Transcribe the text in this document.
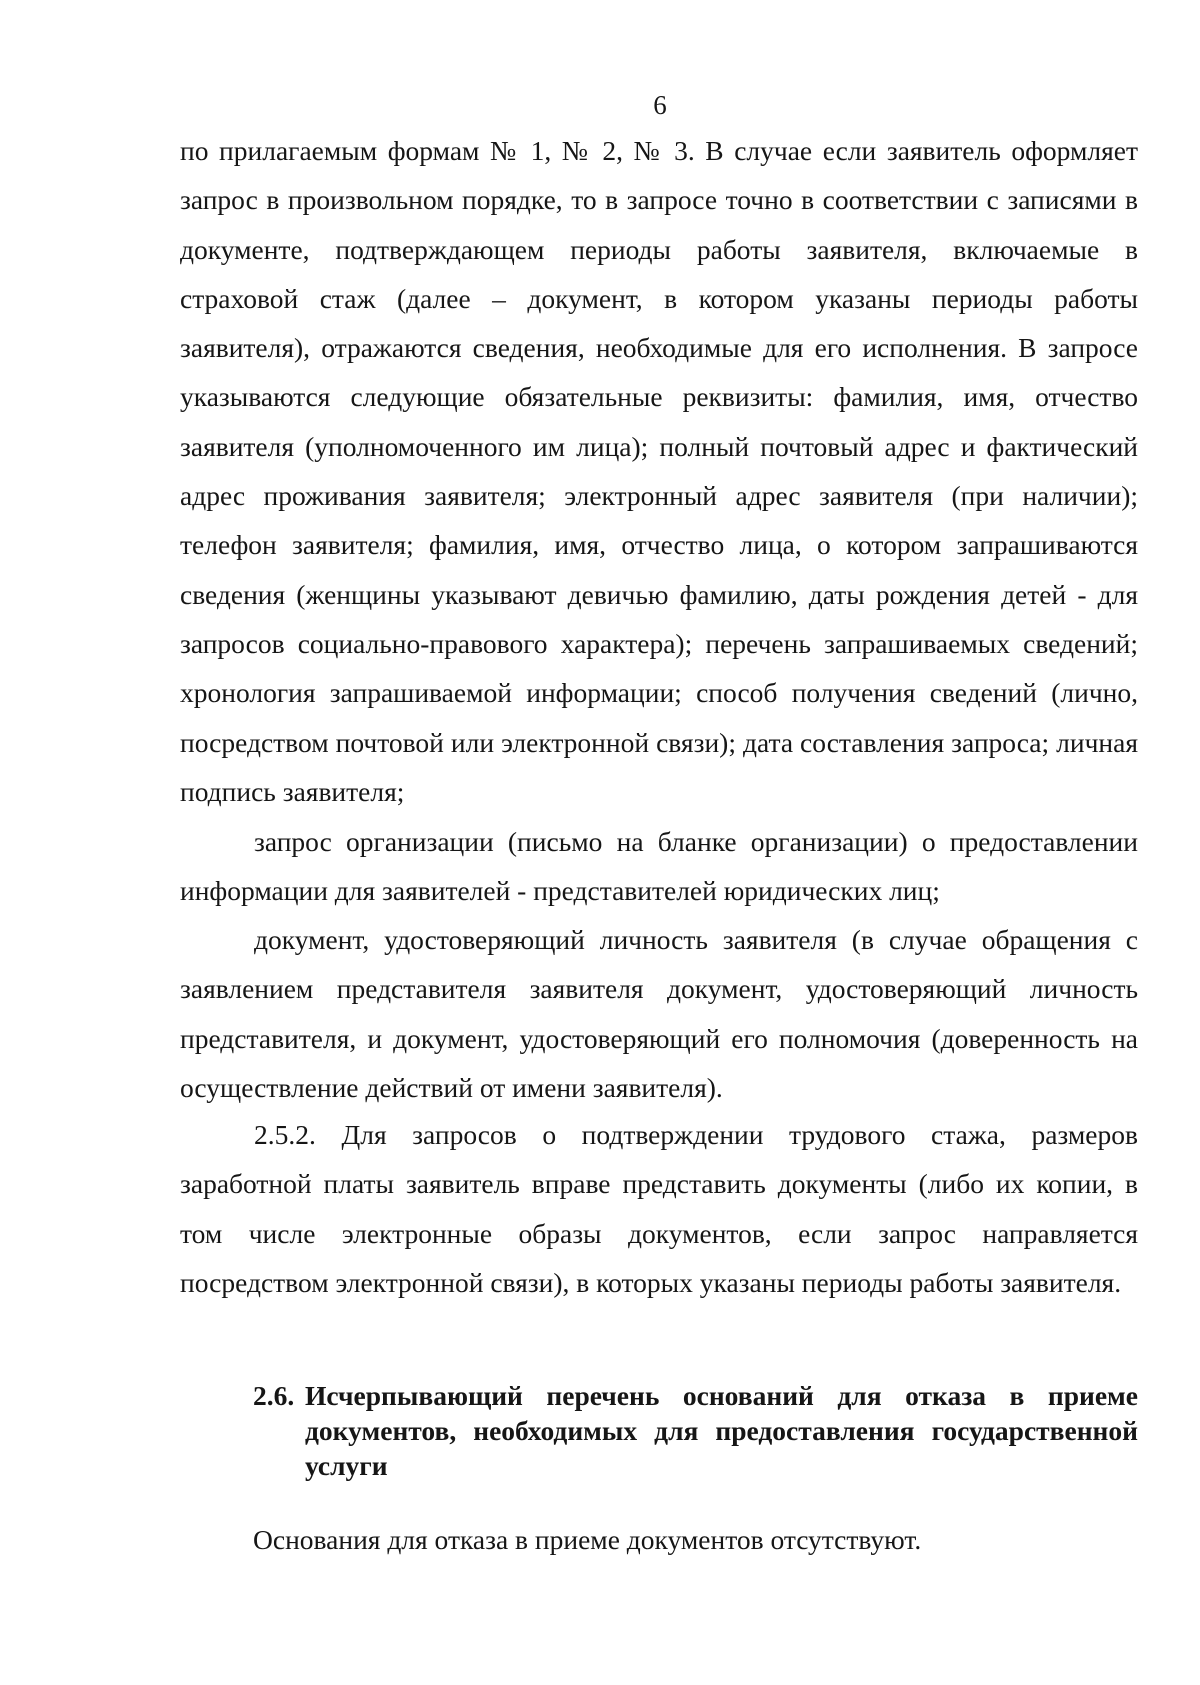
6

по прилагаемым формам № 1, № 2, № 3. В случае если заявитель оформляет запрос в произвольном порядке, то в запросе точно в соответствии с записями в документе, подтверждающем периоды работы заявителя, включаемые в страховой стаж (далее – документ, в котором указаны периоды работы заявителя), отражаются сведения, необходимые для его исполнения. В запросе указываются следующие обязательные реквизиты: фамилия, имя, отчество заявителя (уполномоченного им лица); полный почтовый адрес и фактический адрес проживания заявителя; электронный адрес заявителя (при наличии); телефон заявителя; фамилия, имя, отчество лица, о котором запрашиваются сведения (женщины указывают девичью фамилию, даты рождения детей - для запросов социально-правового характера); перечень запрашиваемых сведений; хронология запрашиваемой информации; способ получения сведений (лично, посредством почтовой или электронной связи); дата составления запроса; личная подпись заявителя;

запрос организации (письмо на бланке организации) о предоставлении информации для заявителей - представителей юридических лиц;

документ, удостоверяющий личность заявителя (в случае обращения с заявлением представителя заявителя документ, удостоверяющий личность представителя, и документ, удостоверяющий его полномочия (доверенность на осуществление действий от имени заявителя).

2.5.2. Для запросов о подтверждении трудового стажа, размеров заработной платы заявитель вправе представить документы (либо их копии, в том числе электронные образы документов, если запрос направляется посредством электронной связи), в которых указаны периоды работы заявителя.

2.6. Исчерпывающий перечень оснований для отказа в приеме документов, необходимых для предоставления государственной услуги

Основания для отказа в приеме документов отсутствуют.
